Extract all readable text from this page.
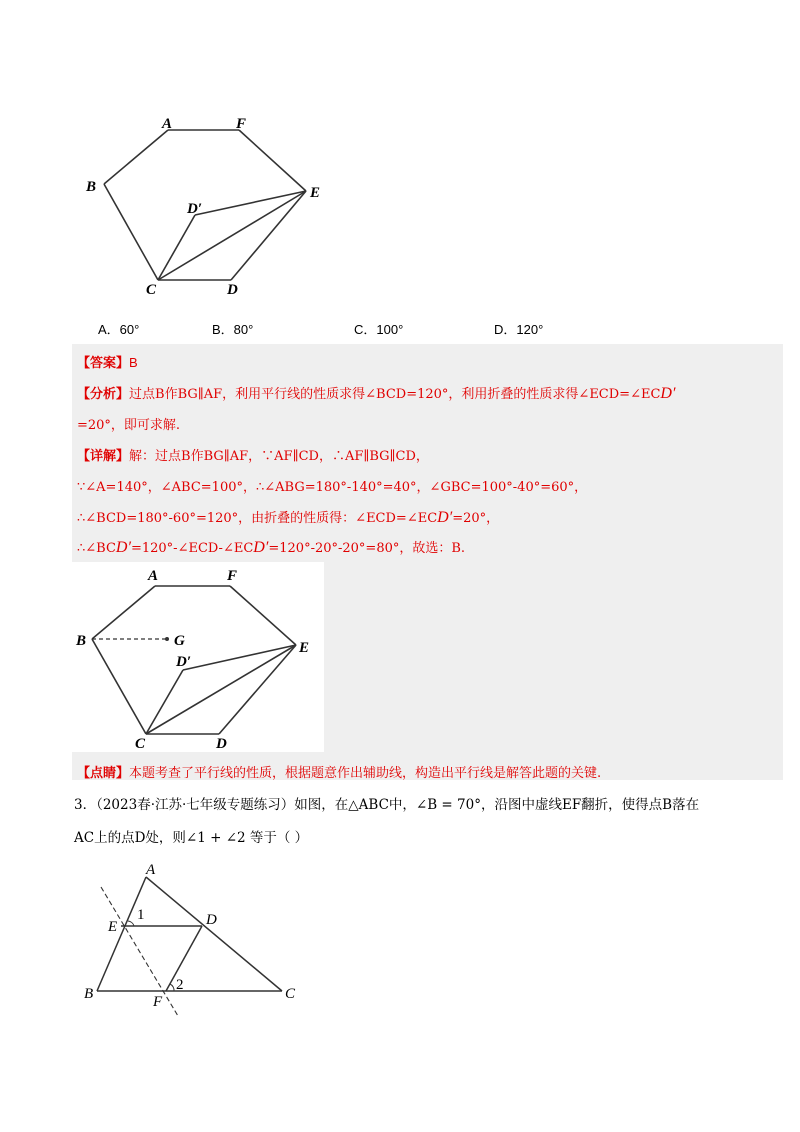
A	F
B	E
D′
C	D
A．60°	B．80°	C．100°	D．120°
【答案】B
【分析】过点B作BG∥AF，利用平行线的性质求得∠BCD=120°，利用折叠的性质求得∠ECD=∠ECD′
=20°，即可求解.
【详解】解：过点B作BG∥AF，∵AF∥CD，∴AF∥BG∥CD，
∵∠A=140°，∠ABC=100°，∴∠ABG=180°-140°=40°，∠GBC=100°-40°=60°，
∴∠BCD=180°-60°=120°，由折叠的性质得：∠ECD=∠ECD′=20°，
∴∠BCD′=120°-∠ECD-∠ECD′=120°-20°-20°=80°，故选：B.
【点睛】本题考查了平行线的性质，根据题意作出辅助线，构造出平行线是解答此题的关键.
A	F
B	G	E
D′
C	D
3．（2023春·江苏·七年级专题练习）如图，在△ABC中，∠B = 70°，沿图中虚线EF翻折，使得点B落在
AC上的点D处，则∠1 + ∠2 等于（ ）
A
E
1	D
2
B	F	C
